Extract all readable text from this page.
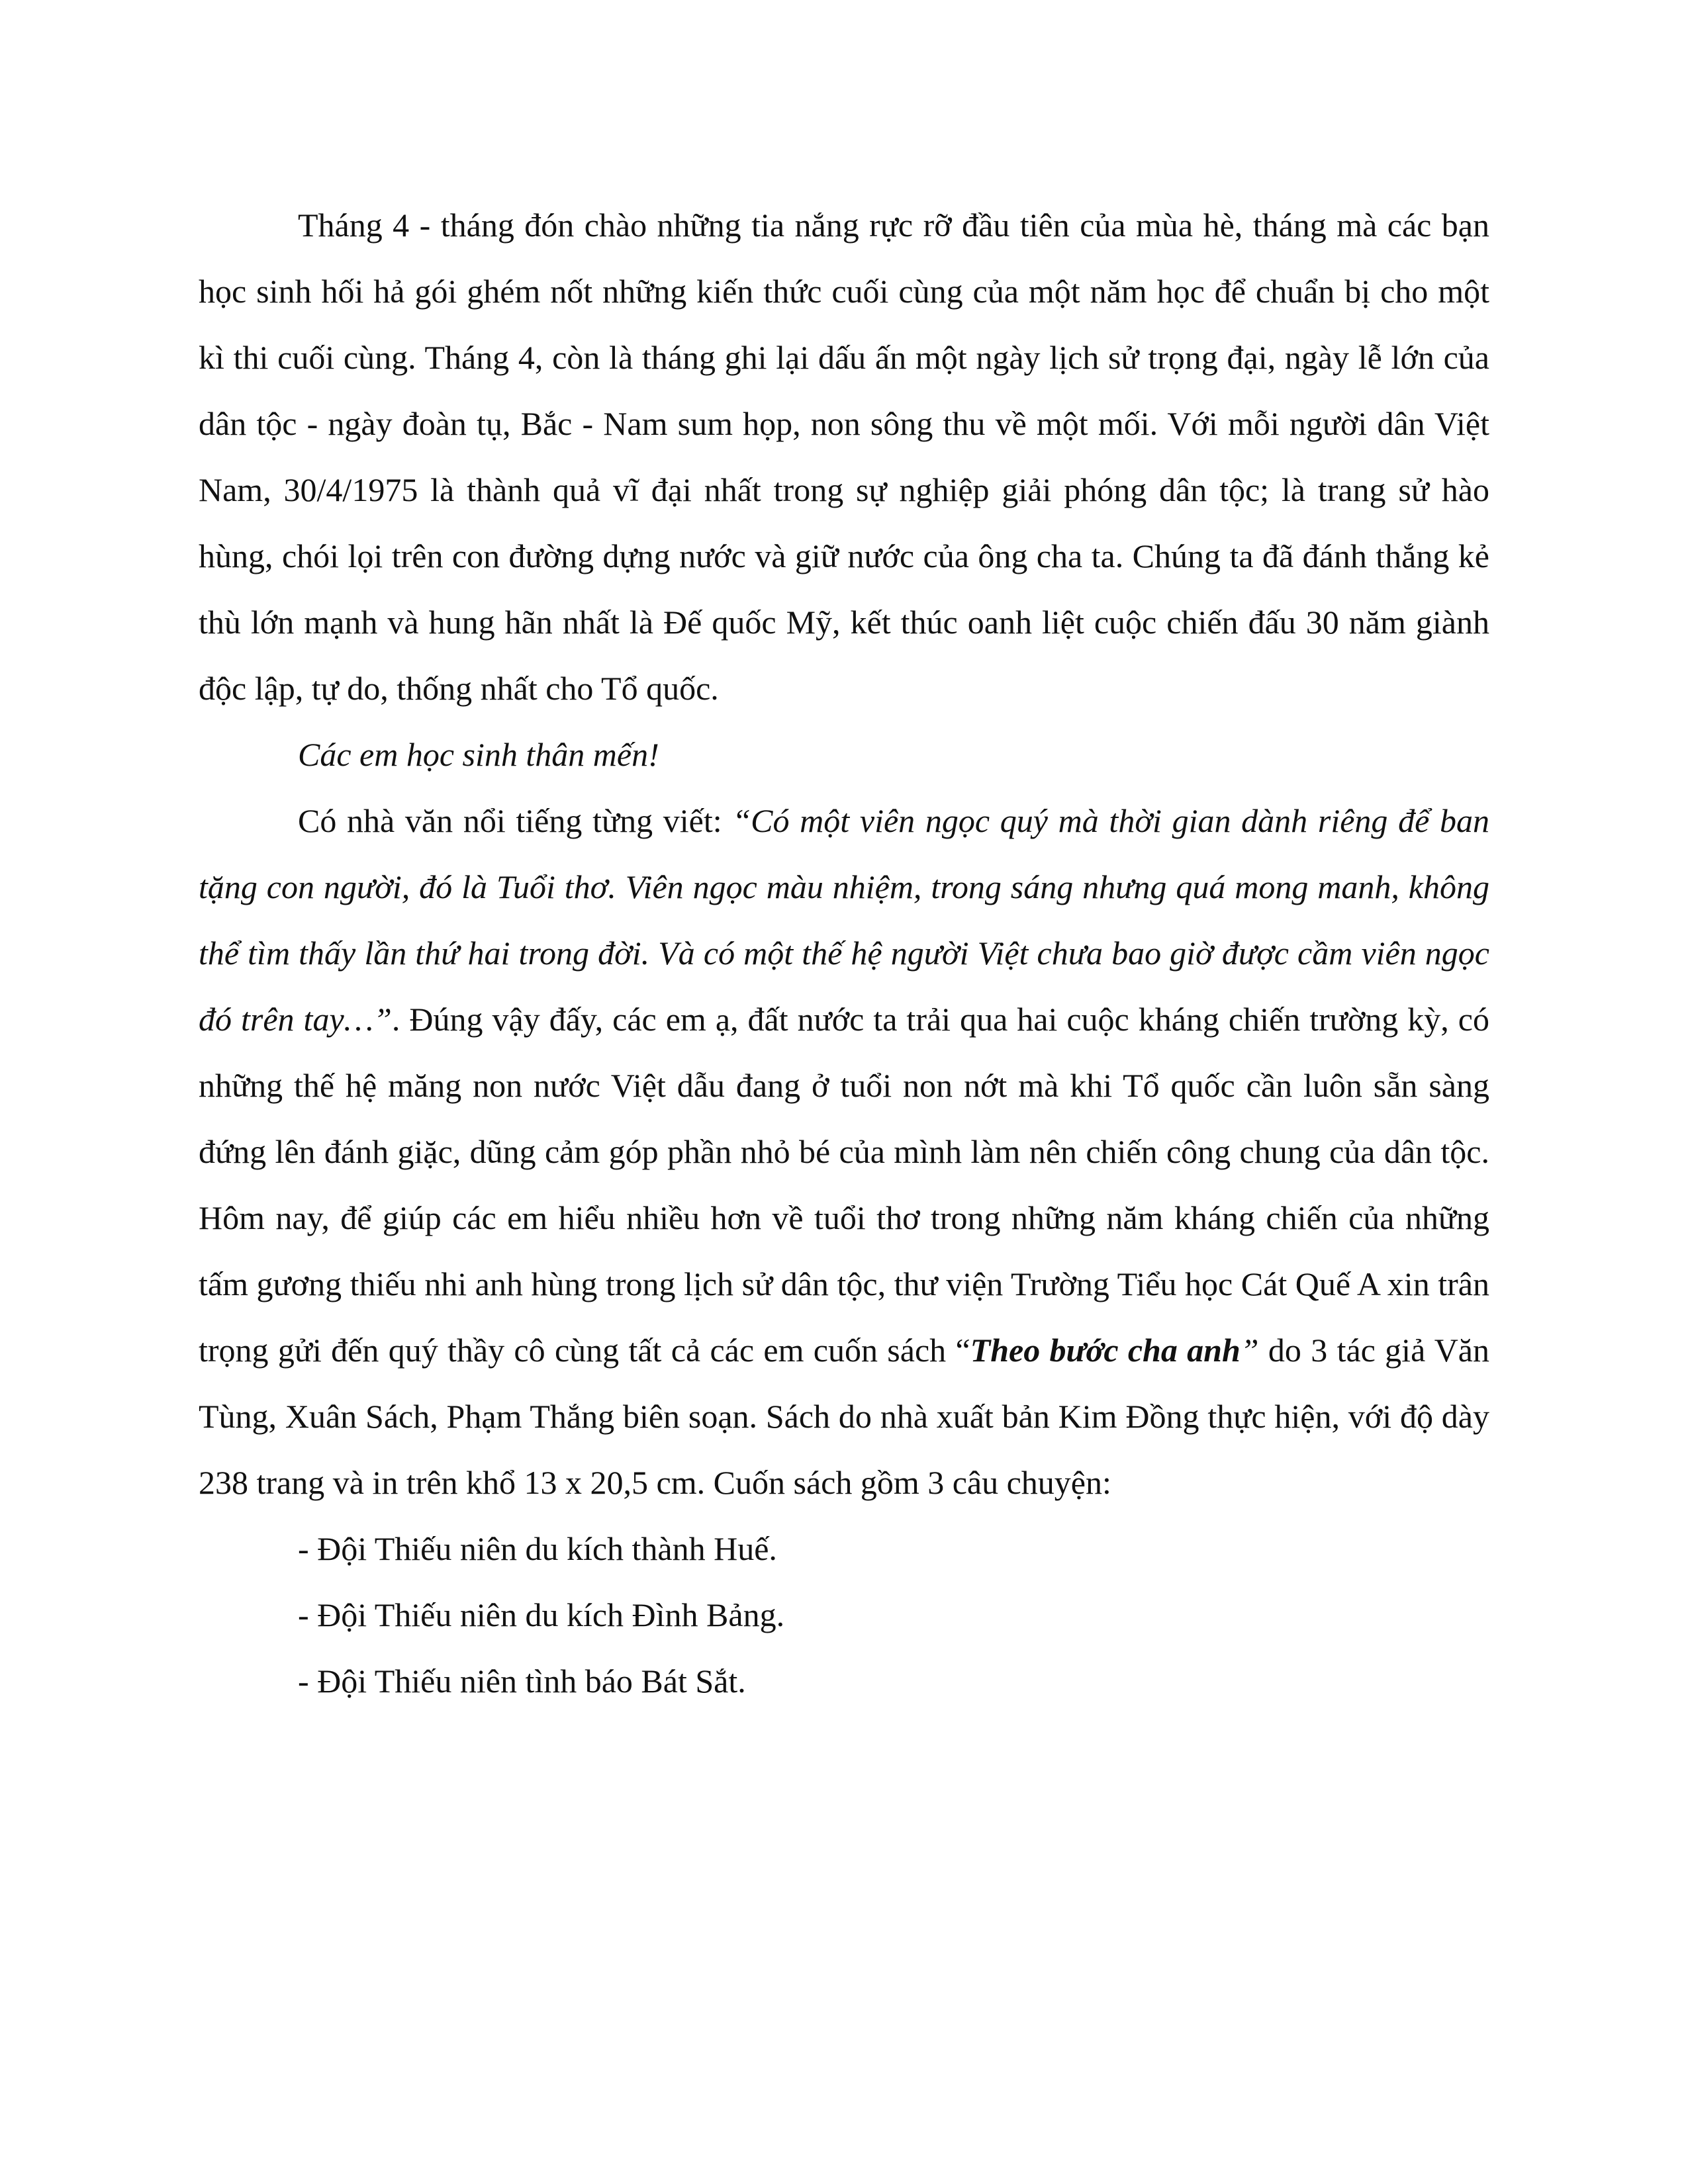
Tháng 4 - tháng đón chào những tia nắng rực rỡ đầu tiên của mùa hè, tháng mà các bạn học sinh hối hả gói ghém nốt những kiến thức cuối cùng của một năm học để chuẩn bị cho một kì thi cuối cùng. Tháng 4, còn là tháng ghi lại dấu ấn một ngày lịch sử trọng đại, ngày lễ lớn của dân tộc - ngày đoàn tụ, Bắc - Nam sum họp, non sông thu về một mối. Với mỗi người dân Việt Nam, 30/4/1975 là thành quả vĩ đại nhất trong sự nghiệp giải phóng dân tộc; là trang sử hào hùng, chói lọi trên con đường dựng nước và giữ nước của ông cha ta. Chúng ta đã đánh thắng kẻ thù lớn mạnh và hung hãn nhất là Đế quốc Mỹ, kết thúc oanh liệt cuộc chiến đấu 30 năm giành độc lập, tự do, thống nhất cho Tổ quốc.

Các em học sinh thân mến!

Có nhà văn nổi tiếng từng viết: “Có một viên ngọc quý mà thời gian dành riêng để ban tặng con người, đó là Tuổi thơ. Viên ngọc màu nhiệm, trong sáng nhưng quá mong manh, không thể tìm thấy lần thứ hai trong đời. Và có một thế hệ người Việt chưa bao giờ được cầm viên ngọc đó trên tay…”. Đúng vậy đấy, các em ạ, đất nước ta trải qua hai cuộc kháng chiến trường kỳ, có những thế hệ măng non nước Việt dẫu đang ở tuổi non nớt mà khi Tổ quốc cần luôn sẵn sàng đứng lên đánh giặc, dũng cảm góp phần nhỏ bé của mình làm nên chiến công chung của dân tộc. Hôm nay, để giúp các em hiểu nhiều hơn về tuổi thơ trong những năm kháng chiến của những tấm gương thiếu nhi anh hùng trong lịch sử dân tộc, thư viện Trường Tiểu học Cát Quế A xin trân trọng gửi đến quý thầy cô cùng tất cả các em cuốn sách “Theo bước cha anh” do 3 tác giả Văn Tùng, Xuân Sách, Phạm Thắng biên soạn. Sách do nhà xuất bản Kim Đồng thực hiện, với độ dày 238 trang và in trên khổ 13 x 20,5 cm. Cuốn sách gồm 3 câu chuyện:

- Đội Thiếu niên du kích thành Huế.
- Đội Thiếu niên du kích Đình Bảng.
- Đội Thiếu niên tình báo Bát Sắt.
